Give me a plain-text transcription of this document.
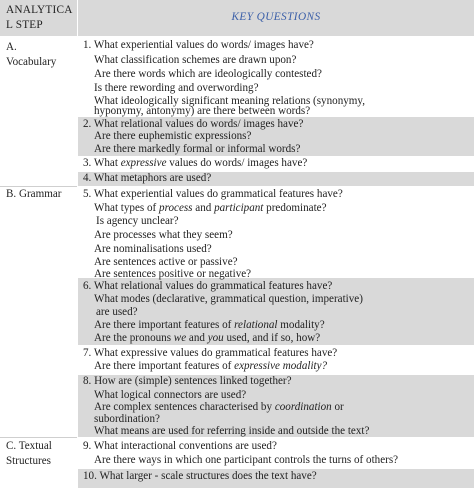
ANALYTICA
L STEP
KEY QUESTIONS
A.
Vocabulary
B. Grammar
C. Textual
Structures
1. What experiential values do words/ images have?
What classification schemes are drawn upon?
Are there words which are ideologically contested?
Is there rewording and overwording?
What ideologically significant meaning relations (synonymy,
hyponymy, antonymy) are there between words?
2. What relational values do words/ images have?
Are there euphemistic expressions?
Are there markedly formal or informal words?
3. What expressive values do words/ images have?
4. What metaphors are used?
5. What experiential values do grammatical features have?
What types of process and participant predominate?
Is agency unclear?
Are processes what they seem?
Are nominalisations used?
Are sentences active or passive?
Are sentences positive or negative?
6. What relational values do grammatical features have?
What modes (declarative, grammatical question, imperative)
are used?
Are there important features of relational modality?
Are the pronouns we and you used, and if so, how?
7. What expressive values do grammatical features have?
Are there important features of expressive modality?
8. How are (simple) sentences linked together?
What logical connectors are used?
Are complex sentences characterised by coordination or
subordination?
What means are used for referring inside and outside the text?
9. What interactional conventions are used?
Are there ways in which one participant controls the turns of others?
10. What larger - scale structures does the text have?
